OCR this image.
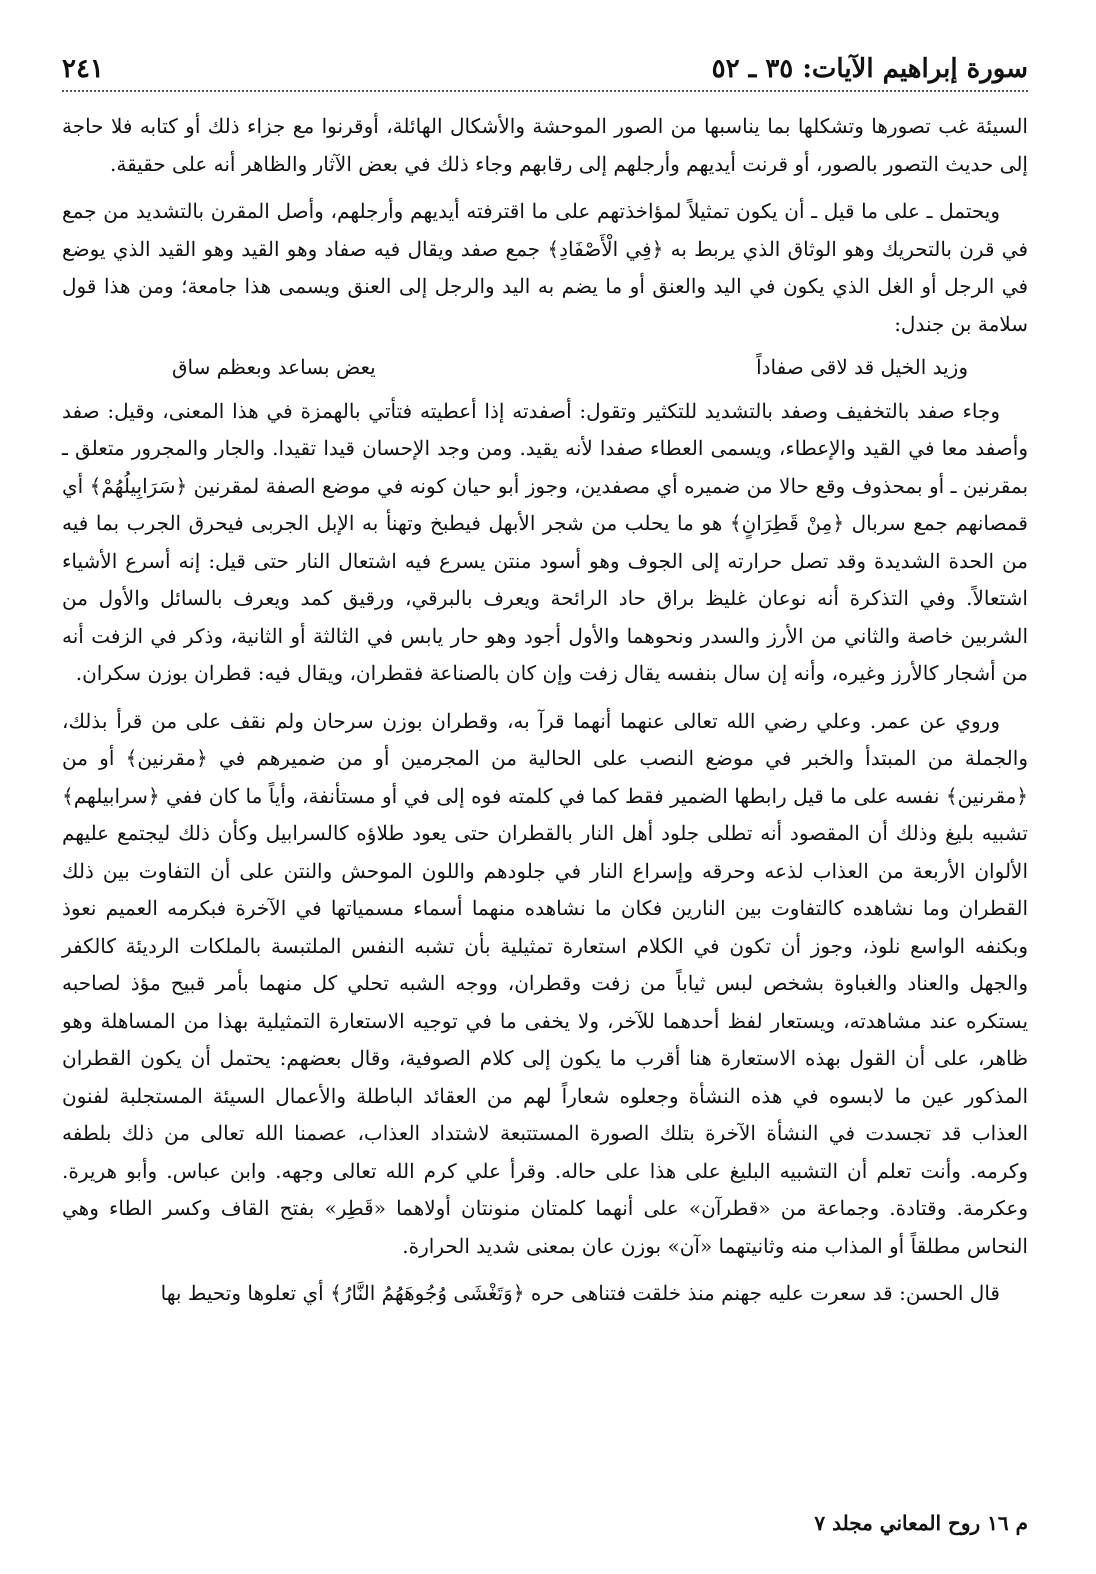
سورة إبراهيم الآيات: ٣٥ ـ ٥٢
٢٤١

السيئة غب تصورها وتشكلها بما يناسبها من الصور الموحشة والأشكال الهائلة، أوقرنوا مع جزاء ذلك أو كتابه فلا حاجة إلى حديث التصور بالصور، أو قرنت أيديهم وأرجلهم إلى رقابهم وجاء ذلك في بعض الآثار والظاهر أنه على حقيقة.

ويحتمل ـ على ما قيل ـ أن يكون تمثيلاً لمؤاخذتهم على ما اقترفته أيديهم وأرجلهم، وأصل المقرن بالتشديد من جمع في قرن بالتحريك وهو الوثاق الذي يربط به ﴿فِي الْأَصْفَادِ﴾ جمع صفد ويقال فيه صفاد وهو القيد وهو القيد الذي يوضع في الرجل أو الغل الذي يكون في اليد والعنق أو ما يضم به اليد والرجل إلى العنق ويسمى هذا جامعة؛ ومن هذا قول سلامة بن جندل:

وزيد الخيل قد لاقى صفاداً
يعض بساعد وبعظم ساق

وجاء صفد بالتخفيف وصفد بالتشديد للتكثير وتقول: أصفدته إذا أعطيته فتأتي بالهمزة في هذا المعنى، وقيل: صفد وأصفد معا في القيد والإعطاء، ويسمى العطاء صفدا لأنه يقيد. ومن وجد الإحسان قيدا تقيدا. والجار والمجرور متعلق ـ بمقرنين ـ أو بمحذوف وقع حالا من ضميره أي مصفدين، وجوز أبو حيان كونه في موضع الصفة لمقرنين ﴿سَرَابِيلُهُمْ﴾ أي قمصانهم جمع سربال ﴿مِنْ قَطِرَانٍ﴾ هو ما يحلب من شجر الأبهل فيطبخ وتهنأ به الإبل الجربى فيحرق الجرب بما فيه من الحدة الشديدة وقد تصل حرارته إلى الجوف وهو أسود منتن يسرع فيه اشتعال النار حتى قيل: إنه أسرع الأشياء اشتعالاً. وفي التذكرة أنه نوعان غليظ براق حاد الرائحة ويعرف بالبرقي، ورقيق كمد ويعرف بالسائل والأول من الشربين خاصة والثاني من الأرز والسدر ونحوهما والأول أجود وهو حار يابس في الثالثة أو الثانية، وذكر في الزفت أنه من أشجار كالأرز وغيره، وأنه إن سال بنفسه يقال زفت وإن كان بالصناعة فقطران، ويقال فيه: قطران بوزن سكران.

وروي عن عمر. وعلي رضي الله تعالى عنهما أنهما قرآ به، وقطران بوزن سرحان ولم نقف على من قرأ بذلك، والجملة من المبتدأ والخبر في موضع النصب على الحالية من المجرمين أو من ضميرهم في ﴿مقرنين﴾ أو من ﴿مقرنين﴾ نفسه على ما قيل رابطها الضمير فقط كما في كلمته فوه إلى في أو مستأنفة، وأياً ما كان ففي ﴿سرابيلهم﴾ تشبيه بليغ وذلك أن المقصود أنه تطلى جلود أهل النار بالقطران حتى يعود طلاؤه كالسرابيل وكأن ذلك ليجتمع عليهم الألوان الأربعة من العذاب لذعه وحرقه وإسراع النار في جلودهم واللون الموحش والنتن على أن التفاوت بين ذلك القطران وما نشاهده كالتفاوت بين النارين فكان ما نشاهده منهما أسماء مسمياتها في الآخرة فبكرمه العميم نعوذ وبكنفه الواسع نلوذ، وجوز أن تكون في الكلام استعارة تمثيلية بأن تشبه النفس الملتبسة بالملكات الرديئة كالكفر والجهل والعناد والغباوة بشخص لبس ثياباً من زفت وقطران، ووجه الشبه تحلي كل منهما بأمر قبيح مؤذ لصاحبه يستكره عند مشاهدته، ويستعار لفظ أحدهما للآخر، ولا يخفى ما في توجيه الاستعارة التمثيلية بهذا من المساهلة وهو ظاهر، على أن القول بهذه الاستعارة هنا أقرب ما يكون إلى كلام الصوفية، وقال بعضهم: يحتمل أن يكون القطران المذكور عين ما لابسوه في هذه النشأة وجعلوه شعاراً لهم من العقائد الباطلة والأعمال السيئة المستجلبة لفنون العذاب قد تجسدت في النشأة الآخرة بتلك الصورة المستتبعة لاشتداد العذاب، عصمنا الله تعالى من ذلك بلطفه وكرمه. وأنت تعلم أن التشبيه البليغ على هذا على حاله. وقرأ علي كرم الله تعالى وجهه. وابن عباس. وأبو هريرة. وعكرمة. وقتادة. وجماعة من «قطرآن» على أنهما كلمتان منونتان أولاهما «قَطِر» بفتح القاف وكسر الطاء وهي النحاس مطلقاً أو المذاب منه وثانيتهما «آن» بوزن عان بمعنى شديد الحرارة.

قال الحسن: قد سعرت عليه جهنم منذ خلقت فتناهى حره ﴿وَتَغْشَى وُجُوهَهُمُ النَّارُ﴾ أي تعلوها وتحيط بها

م ١٦ روح المعاني مجلد ٧
